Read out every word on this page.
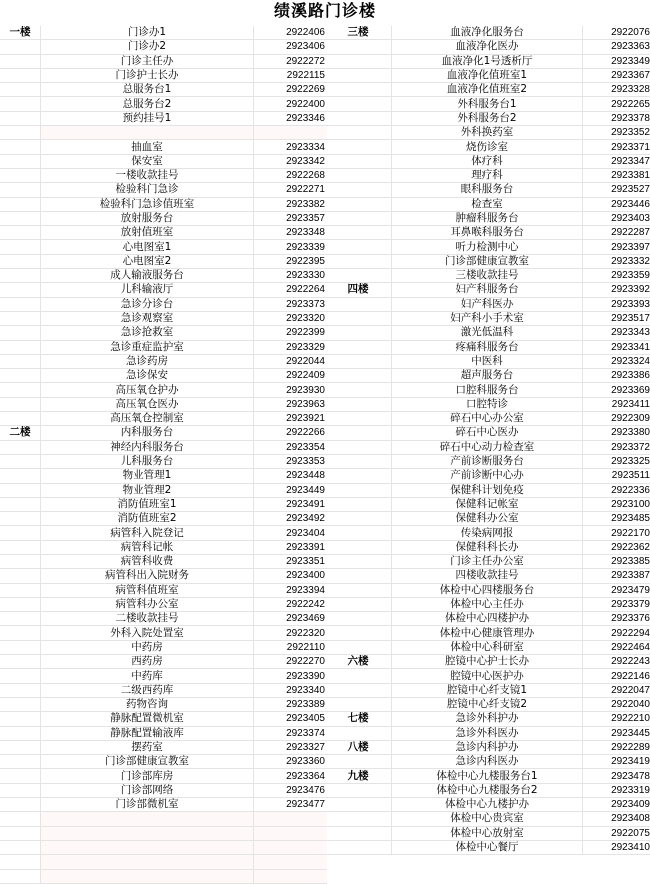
绩溪路门诊楼
一楼	门诊办1	2922406
	门诊办2	2923406
	门诊主任办	2922272
	门诊护士长办	2922115
	总服务台1	2922269
	总服务台2	2922400
	预约挂号1	2923346

	抽血室	2923334
	保安室	2923342
	一楼收款挂号	2922268
	检验科门急诊	2922271
	检验科门急诊值班室	2923382
	放射服务台	2923357
	放射值班室	2923348
	心电图室1	2923339
	心电图室2	2922395
	成人输液服务台	2923330
	儿科输液厅	2922264
	急诊分诊台	2923373
	急诊观察室	2923320
	急诊抢救室	2922399
	急诊重症监护室	2923329
	急诊药房	2922044
	急诊保安	2922409
	高压氧仓护办	2923930
	高压氧仓医办	2923963
	高压氧仓控制室	2923921
二楼	内科服务台	2922266
	神经内科服务台	2923354
	儿科服务台	2923353
	物业管理1	2923448
	物业管理2	2923449
	消防值班室1	2923491
	消防值班室2	2923492
	病管科入院登记	2923404
	病管科记帐	2923391
	病管科收费	2923351
	病管科出入院财务	2923400
	病管科值班室	2923394
	病管科办公室	2922242
	二楼收款挂号	2923469
	外科入院处置室	2922320
	中药房	2922110
	西药房	2922270
	中药库	2923390
	二级西药库	2923340
	药物咨询	2923389
	静脉配置微机室	2923405
	静脉配置输液库	2923374
	摆药室	2923327
	门诊部健康宣教室	2923360
	门诊部库房	2923364
	门诊部网络	2923476
	门诊部微机室	2923477

三楼	血液净化服务台	2922076
	血液净化医办	2923363
	血液净化1号透析厅	2923349
	血液净化值班室1	2923367
	血液净化值班室2	2923328
	外科服务台1	2922265
	外科服务台2	2923378
	外科换药室	2923352
	烧伤诊室	2923371
	体疗科	2923347
	理疗科	2923381
	眼科服务台	2923527
	检查室	2923446
	肿瘤科服务台	2923403
	耳鼻喉科服务台	2922287
	听力检测中心	2923397
	门诊部健康宣教室	2923332
	三楼收款挂号	2923359
四楼	妇产科服务台	2923392
	妇产科医办	2923393
	妇产科小手术室	2923517
	激光低温科	2923343
	疼痛科服务台	2923341
	中医科	2923324
	超声服务台	2923386
	口腔科服务台	2923369
	口腔特诊	2923411
	碎石中心办公室	2922309
	碎石中心医办	2923380
	碎石中心动力检查室	2923372
	产前诊断服务台	2923325
	产前诊断中心办	2923511
	保健科计划免疫	2922336
	保健科记帐室	2923100
	保健科办公室	2923485
	传染病网报	2922170
	保健科科长办	2922362
	门诊主任办公室	2923385
	四楼收款挂号	2923387
	体检中心四楼服务台	2923479
	体检中心主任办	2923379
	体检中心四楼护办	2923376
	体检中心健康管理办	2922294
	体检中心科研室	2922464
六楼	腔镜中心护士长办	2922243
	腔镜中心医护办	2922146
	腔镜中心纤支镜1	2922047
	腔镜中心纤支镜2	2922040
七楼	急诊外科护办	2922210
	急诊外科医办	2923445
八楼	急诊内科护办	2922289
	急诊内科医办	2923419
九楼	体检中心九楼服务台1	2923478
	体检中心九楼服务台2	2923319
	体检中心九楼护办	2923409
	体检中心贵宾室	2923408
	体检中心放射室	2922075
	体检中心餐厅	2923410
